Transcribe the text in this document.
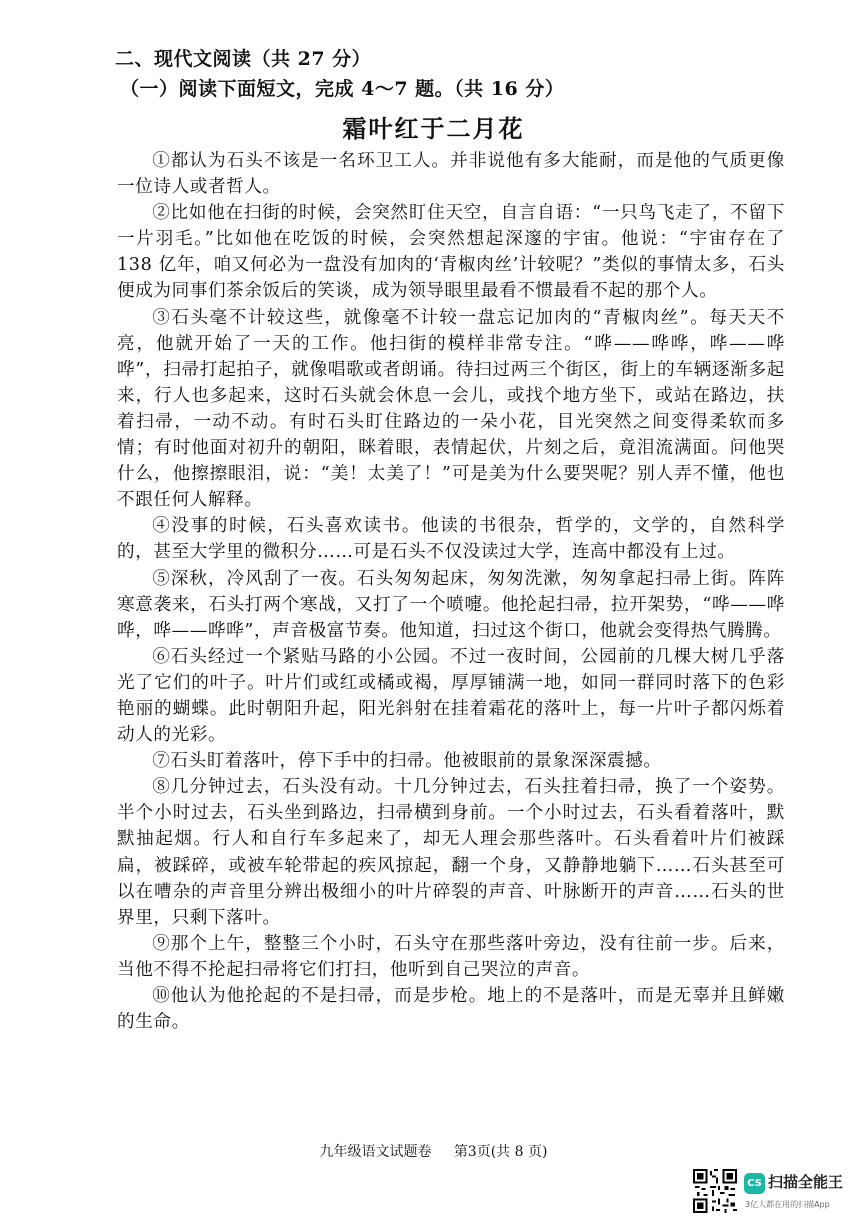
二、现代文阅读（共 27 分）
（一）阅读下面短文，完成 4～7 题。（共 16 分）
霜叶红于二月花

①都认为石头不该是一名环卫工人。并非说他有多大能耐，而是他的气质更像一位诗人或者哲人。

②比如他在扫街的时候，会突然盯住天空，自言自语：“一只鸟飞走了，不留下一片羽毛。”比如他在吃饭的时候，会突然想起深邃的宇宙。他说：“宇宙存在了 138 亿年，咱又何必为一盘没有加肉的‘青椒肉丝’计较呢？”类似的事情太多，石头便成为同事们茶余饭后的笑谈，成为领导眼里最看不惯最看不起的那个人。

③石头毫不计较这些，就像毫不计较一盘忘记加肉的“青椒肉丝”。每天天不亮，他就开始了一天的工作。他扫街的模样非常专注。“哗——哗哗，哗——哗哗”，扫帚打起拍子，就像唱歌或者朗诵。待扫过两三个街区，街上的车辆逐渐多起来，行人也多起来，这时石头就会休息一会儿，或找个地方坐下，或站在路边，扶着扫帚，一动不动。有时石头盯住路边的一朵小花，目光突然之间变得柔软而多情；有时他面对初升的朝阳，眯着眼，表情起伏，片刻之后，竟泪流满面。问他哭什么，他擦擦眼泪，说：“美！太美了！”可是美为什么要哭呢？别人弄不懂，他也不跟任何人解释。

④没事的时候，石头喜欢读书。他读的书很杂，哲学的，文学的，自然科学的，甚至大学里的微积分……可是石头不仅没读过大学，连高中都没有上过。

⑤深秋，冷风刮了一夜。石头匆匆起床，匆匆洗漱，匆匆拿起扫帚上街。阵阵寒意袭来，石头打两个寒战，又打了一个喷嚏。他抡起扫帚，拉开架势，“哗——哗哗，哗——哗哗”，声音极富节奏。他知道，扫过这个街口，他就会变得热气腾腾。

⑥石头经过一个紧贴马路的小公园。不过一夜时间，公园前的几棵大树几乎落光了它们的叶子。叶片们或红或橘或褐，厚厚铺满一地，如同一群同时落下的色彩艳丽的蝴蝶。此时朝阳升起，阳光斜射在挂着霜花的落叶上，每一片叶子都闪烁着动人的光彩。

⑦石头盯着落叶，停下手中的扫帚。他被眼前的景象深深震撼。

⑧几分钟过去，石头没有动。十几分钟过去，石头拄着扫帚，换了一个姿势。半个小时过去，石头坐到路边，扫帚横到身前。一个小时过去，石头看着落叶，默默抽起烟。行人和自行车多起来了，却无人理会那些落叶。石头看着叶片们被踩扁，被踩碎，或被车轮带起的疾风掠起，翻一个身，又静静地躺下……石头甚至可以在嘈杂的声音里分辨出极细小的叶片碎裂的声音、叶脉断开的声音……石头的世界里，只剩下落叶。

⑨那个上午，整整三个小时，石头守在那些落叶旁边，没有往前一步。后来，当他不得不抡起扫帚将它们打扫，他听到自己哭泣的声音。

⑩他认为他抡起的不是扫帚，而是步枪。地上的不是落叶，而是无辜并且鲜嫩的生命。

九年级语文试题卷 第3页(共 8 页)
CS 扫描全能王
3亿人都在用的扫描App
